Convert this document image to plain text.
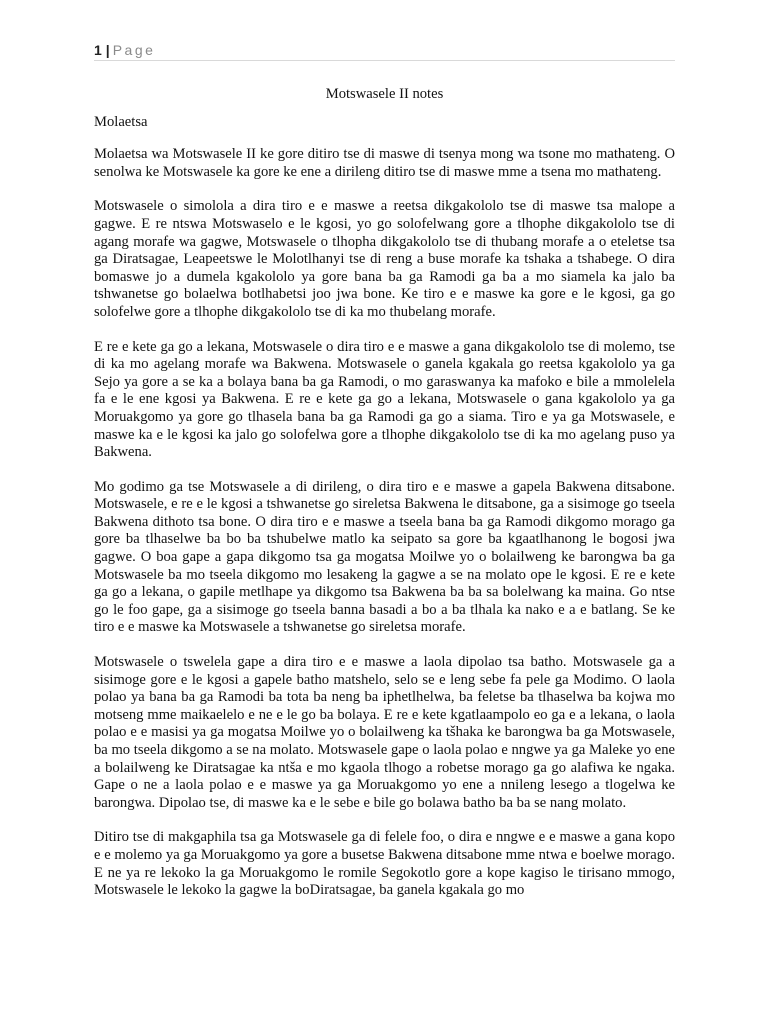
1 | Page
Motswasele II notes
Molaetsa

Molaetsa wa Motswasele II ke gore ditiro tse di maswe di tsenya mong wa tsone mo mathateng. O senolwa ke Motswasele ka gore ke ene a dirileng ditiro tse di maswe mme a tsena mo mathateng.

Motswasele o simolola a dira tiro e e maswe a reetsa dikgakololo tse di maswe tsa malope a gagwe. E re ntswa Motswaselo e le kgosi, yo go solofelwang gore a tlhophe dikgakololo tse di agang morafe wa gagwe, Motswasele o tlhopha dikgakololo tse di thubang morafe a o eteletse tsa ga Diratsagae, Leapeetswe le Molotlhanyi tse di reng a buse morafe ka tshaka a tshabege. O dira bomaswe jo a dumela kgakololo ya gore bana ba ga Ramodi ga ba a mo siamela ka jalo ba tshwanetse go bolaelwa botlhabetsi joo jwa bone. Ke tiro e e maswe ka gore e le kgosi, ga go solofelwe gore a tlhophe dikgakololo tse di ka mo thubelang morafe.

E re e kete ga go a lekana, Motswasele o dira tiro e e maswe a gana dikgakololo tse di molemo, tse di ka mo agelang morafe wa Bakwena. Motswasele o ganela kgakala go reetsa kgakololo ya ga Sejo ya gore a se ka a bolaya bana ba ga Ramodi, o mo garaswanya ka mafoko e bile a mmolelela fa e le ene kgosi ya Bakwena. E re e kete ga go a lekana, Motswasele o gana kgakololo ya ga Moruakgomo ya gore go tlhasela bana ba ga Ramodi ga go a siama. Tiro e ya ga Motswasele, e maswe ka e le kgosi ka jalo go solofelwa gore a tlhophe dikgakololo tse di ka mo agelang puso ya Bakwena.

Mo godimo ga tse Motswasele a di dirileng, o dira tiro e e maswe a gapela Bakwena ditsabone. Motswasele, e re e le kgosi a tshwanetse go sireletsa Bakwena le ditsabone, ga a sisimoge go tseela Bakwena dithoto tsa bone. O dira tiro e e maswe a tseela bana ba ga Ramodi dikgomo morago ga gore ba tlhaselwe ba bo ba tshubelwe matlo ka seipato sa gore ba kgaatlhanong le bogosi jwa gagwe. O boa gape a gapa dikgomo tsa ga mogatsa Moilwe yo o bolailweng ke barongwa ba ga Motswasele ba mo tseela dikgomo mo lesakeng la gagwe a se na molato ope le kgosi. E re e kete ga go a lekana, o gapile metlhape ya dikgomo tsa Bakwena ba ba sa bolelwang ka maina. Go ntse go le foo gape, ga a sisimoge go tseela banna basadi a bo a ba tlhala ka nako e a e batlang. Se ke tiro e e maswe ka Motswasele a tshwanetse go sireletsa morafe.

Motswasele o tswelela gape a dira tiro e e maswe a laola dipolao tsa batho. Motswasele ga a sisimoge gore e le kgosi a gapele batho matshelo, selo se e leng sebe fa pele ga Modimo. O laola polao ya bana ba ga Ramodi ba tota ba neng ba iphetlhelwa, ba feletse ba tlhaselwa ba kojwa mo motseng mme maikaelelo e ne e le go ba bolaya. E re e kete kgatlaampolo eo ga e a lekana, o laola polao e e masisi ya ga mogatsa Moilwe yo o bolailweng ka tšhaka ke barongwa ba ga Motswasele, ba mo tseela dikgomo a se na molato. Motswasele gape o laola polao e nngwe ya ga Maleke yo ene a bolailweng ke Diratsagae ka ntša e mo kgaola tlhogo a robetse morago ga go alafiwa ke ngaka. Gape o ne a laola polao e e maswe ya ga Moruakgomo yo ene a nnileng lesego a tlogelwa ke barongwa. Dipolao tse, di maswe ka e le sebe e bile go bolawa batho ba ba se nang molato.

Ditiro tse di makgaphila tsa ga Motswasele ga di felele foo, o dira e nngwe e e maswe a gana kopo e e molemo ya ga Moruakgomo ya gore a busetse Bakwena ditsabone mme ntwa e boelwe morago. E ne ya re lekoko la ga Moruakgomo le romile Segokotlo gore a kope kagiso le tirisano mmogo, Motswasele le lekoko la gagwe la boDiratsagae, ba ganela kgakala go mo
